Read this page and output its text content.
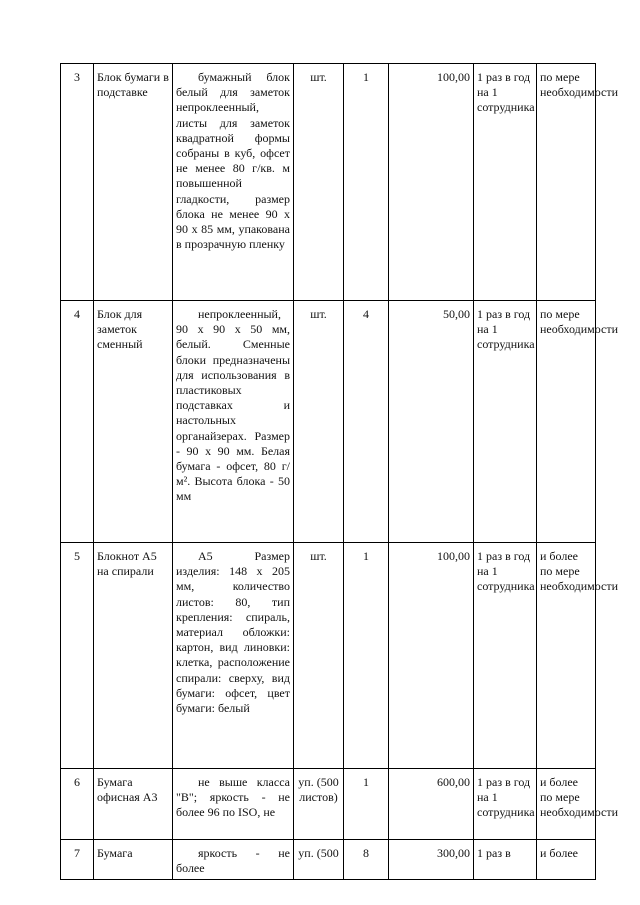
3	Блок бумаги в подставке	бумажный блок белый для заметок непроклеенный, листы для заметок квадратной формы собраны в куб, офсет не менее 80 г/кв. м повышенной гладкости, размер блока не менее 90 x 90 x 85 мм, упакована в прозрачную пленку	шт.	1	100,00	1 раз в год на 1 сотрудника	по мере необходимости
4	Блок для заметок сменный	непроклеенный, 90 x 90 x 50 мм, белый. Сменные блоки предназначены для использования в пластиковых подставках и настольных органайзерах. Размер - 90 x 90 мм. Белая бумага - офсет, 80 г/м². Высота блока - 50 мм	шт.	4	50,00	1 раз в год на 1 сотрудника	по мере необходимости
5	Блокнот A5 на спирали	A5 Размер изделия: 148 x 205 мм, количество листов: 80, тип крепления: спираль, материал обложки: картон, вид линовки: клетка, расположение спирали: сверху, вид бумаги: офсет, цвет бумаги: белый	шт.	1	100,00	1 раз в год на 1 сотрудника	и более по мере необходимости
6	Бумага офисная A3	не выше класса "B"; яркость - не более 96 по ISO, не	уп. (500 листов)	1	600,00	1 раз в год на 1 сотрудника	и более по мере необходимости
7	Бумага	яркость - не более	уп. (500	8	300,00	1 раз в	и более
